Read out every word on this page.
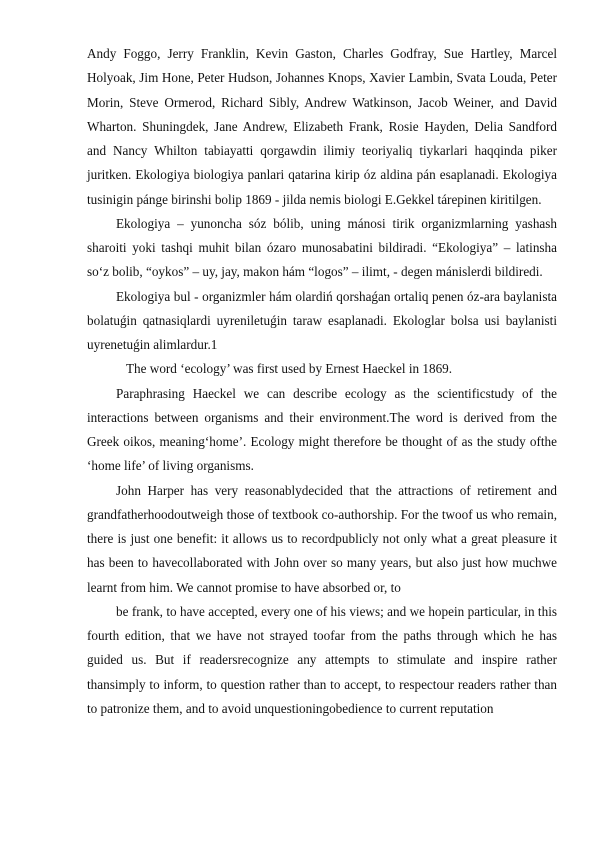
Andy Foggo, Jerry Franklin, Kevin Gaston, Charles Godfray, Sue Hartley, Marcel Holyoak, Jim Hone, Peter Hudson, Johannes Knops, Xavier Lambin, Svata Louda, Peter Morin, Steve Ormerod, Richard Sibly, Andrew Watkinson, Jacob Weiner, and David Wharton. Shuningdek, Jane Andrew, Elizabeth Frank, Rosie Hayden, Delia Sandford and Nancy Whilton tabiayatti qorgawdin ilimiy teoriyaliq tiykarlari haqqinda piker juritken. Ekologiya biologiya panlari qatarina kirip óz aldina pán esaplanadi. Ekologiya tusinigin pánge birinshi bolip 1869 - jilda nemis biologi E.Gekkel tárepinen kiritilgen.

Ekologiya – yunoncha sóz bólib, uning mánosi tirik organizmlarning yashash sharoiti yoki tashqi muhit bilan ózaro munosabatini bildiradi. “Ekologiya” – latinsha so‘z bolib, “oykos” – uy, jay, makon hám “logos” – ilimt, - degen mánislerdi bildiredi.

Ekologiya bul - organizmler hám olardiń qorshaǵan ortaliq penen óz-ara baylanista bolatuǵin qatnasiqlardi uyreniletuǵin taraw esaplanadi. Ekologlar bolsa usi baylanisti uyrenetuǵin alimlardur.1

The word ‘ecology’ was first used by Ernest Haeckel in 1869.

Paraphrasing Haeckel we can describe ecology as the scientificstudy of the interactions between organisms and their environment.The word is derived from the Greek oikos, meaning‘home’. Ecology might therefore be thought of as the study ofthe ‘home life’ of living organisms.

John Harper has very reasonablydecided that the attractions of retirement and grandfatherhoodoutweigh those of textbook co-authorship. For the twoof us who remain, there is just one benefit: it allows us to recordpublicly not only what a great pleasure it has been to havecollaborated with John over so many years, but also just how muchwe learnt from him. We cannot promise to have absorbed or, to

be frank, to have accepted, every one of his views; and we hopein particular, in this fourth edition, that we have not strayed toofar from the paths through which he has guided us. But if readersrecognize any attempts to stimulate and inspire rather thansimply to inform, to question rather than to accept, to respectour readers rather than to patronize them, and to avoid unquestioningobedience to current reputation
